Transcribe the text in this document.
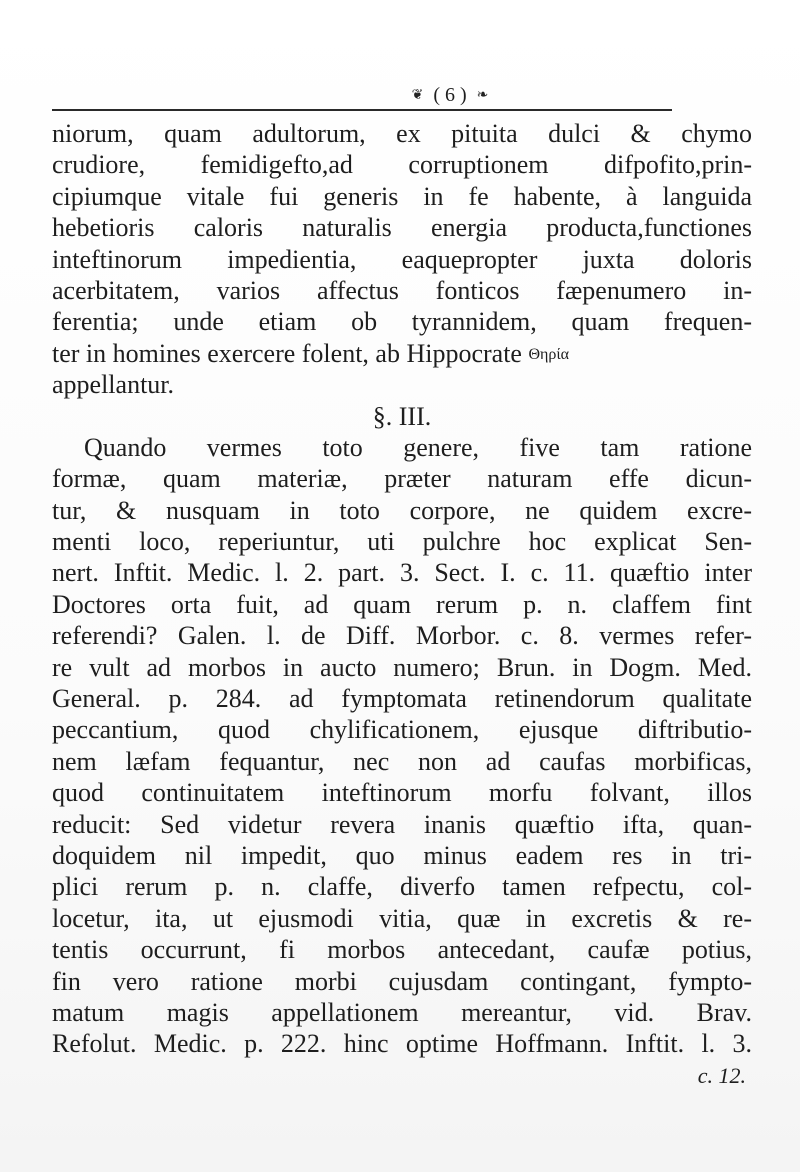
❦ ( 6 ) ❧
niorum, quam adultorum, ex pituita dulci & chymo
crudiore, femidigefto,ad corruptionem difpofito,prin-
cipiumque vitale fui generis in fe habente, à languida
hebetioris caloris naturalis energia producta,functiones
inteftinorum impedientia, eaquepropter juxta doloris
acerbitatem, varios affectus fonticos fæpenumero in-
ferentia; unde etiam ob tyrannidem, quam frequen-
ter in homines exercere folent, ab Hippocrate Θηρία
appellantur.
§. III.
Quando vermes toto genere, five tam ratione
formæ, quam materiæ, præter naturam effe dicun-
tur, & nusquam in toto corpore, ne quidem excre-
menti loco, reperiuntur, uti pulchre hoc explicat Sen-
nert. Inftit. Medic. l. 2. part. 3. Sect. I. c. 11. quæftio inter
Doctores orta fuit, ad quam rerum p. n. claffem fint
referendi? Galen. l. de Diff. Morbor. c. 8. vermes refer-
re vult ad morbos in aucto numero; Brun. in Dogm. Med.
General. p. 284. ad fymptomata retinendorum qualitate
peccantium, quod chylificationem, ejusque diftributio-
nem læfam fequantur, nec non ad caufas morbificas,
quod continuitatem inteftinorum morfu folvant, illos
reducit: Sed videtur revera inanis quæftio ifta, quan-
doquidem nil impedit, quo minus eadem res in tri-
plici rerum p. n. claffe, diverfo tamen refpectu, col-
locetur, ita, ut ejusmodi vitia, quæ in excretis & re-
tentis occurrunt, fi morbos antecedant, caufæ potius,
fin vero ratione morbi cujusdam contingant, fympto-
matum magis appellationem mereantur, vid. Brav.
Refolut. Medic. p. 222. hinc optime Hoffmann. Inftit. l. 3.
c. 12.
